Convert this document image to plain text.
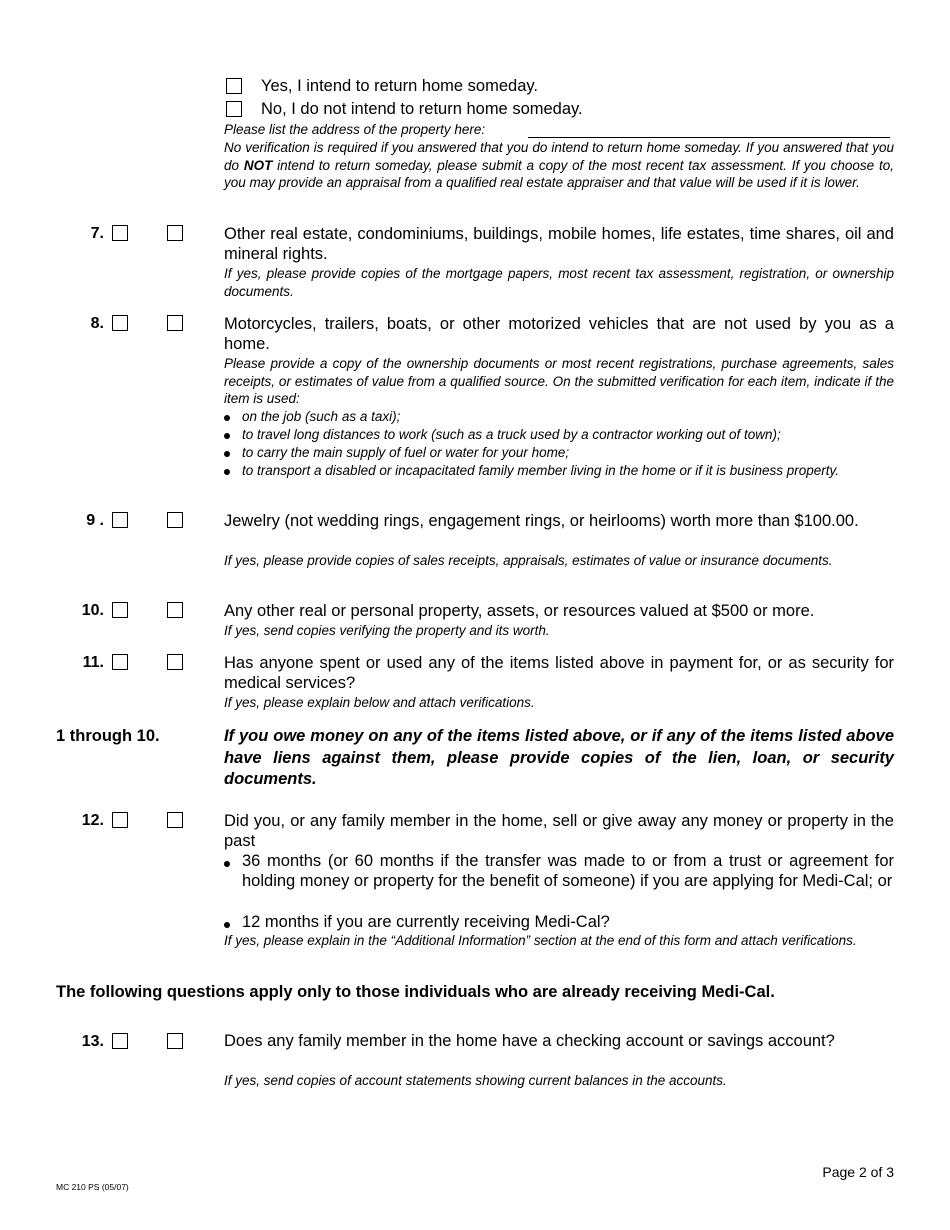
Yes, I intend to return home someday.
No, I do not intend to return home someday.
Please list the address of the property here:
No verification is required if you answered that you do intend to return home someday. If you answered that you do NOT intend to return someday, please submit a copy of the most recent tax assessment. If you choose to, you may provide an appraisal from a qualified real estate appraiser and that value will be used if it is lower.
7.	Other real estate, condominiums, buildings, mobile homes, life estates, time shares, oil and mineral rights.
If yes, please provide copies of the mortgage papers, most recent tax assessment, registration, or ownership documents.
8.	Motorcycles, trailers, boats, or other motorized vehicles that are not used by you as a home.
Please provide a copy of the ownership documents or most recent registrations, purchase agreements, sales receipts, or estimates of value from a qualified source. On the submitted verification for each item, indicate if the item is used:
on the job (such as a taxi);
to travel long distances to work (such as a truck used by a contractor working out of town);
to carry the main supply of fuel or water for your home;
to transport a disabled or incapacitated family member living in the home or if it is business property.
9 .	Jewelry (not wedding rings, engagement rings, or heirlooms) worth more than $100.00.
If yes, please provide copies of sales receipts, appraisals, estimates of value or insurance documents.
10.	Any other real or personal property, assets, or resources valued at $500 or more.
If yes, send copies verifying the property and its worth.
11.	Has anyone spent or used any of the items listed above in payment for, or as security for medical services?
If yes, please explain below and attach verifications.
1 through 10.	If you owe money on any of the items listed above, or if any of the items listed above have liens against them, please provide copies of the lien, loan, or security documents.
12.	Did you, or any family member in the home, sell or give away any money or property in the past
36 months (or 60 months if the transfer was made to or from a trust or agreement for holding money or property for the benefit of someone) if you are applying for Medi-Cal; or
12 months if you are currently receiving Medi-Cal?
If yes, please explain in the “Additional Information” section at the end of this form and attach verifications.
The following questions apply only to those individuals who are already receiving Medi-Cal.
13.	Does any family member in the home have a checking account or savings account?
If yes, send copies of account statements showing current balances in the accounts.
Page 2 of 3
MC 210 PS (05/07)
